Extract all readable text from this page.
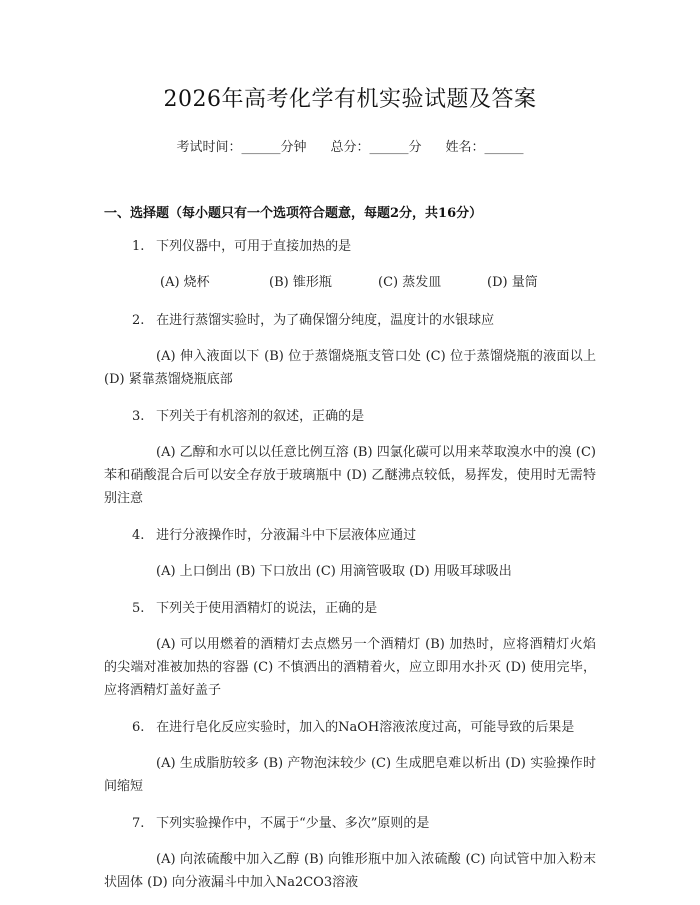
2026年高考化学有机实验试题及答案
考试时间：______分钟 总分：______分 姓名：______
一、选择题（每小题只有一个选项符合题意，每题2分，共16分）
1. 下列仪器中，可用于直接加热的是
(A) 烧杯	(B) 锥形瓶	(C) 蒸发皿	(D) 量筒
2. 在进行蒸馏实验时，为了确保馏分纯度，温度计的水银球应
(A) 伸入液面以下 (B) 位于蒸馏烧瓶支管口处 (C) 位于蒸馏烧瓶的液面以上 (D) 紧靠蒸馏烧瓶底部
3. 下列关于有机溶剂的叙述，正确的是
(A) 乙醇和水可以以任意比例互溶 (B) 四氯化碳可以用来萃取溴水中的溴 (C) 苯和硝酸混合后可以安全存放于玻璃瓶中 (D) 乙醚沸点较低，易挥发，使用时无需特别注意
4. 进行分液操作时，分液漏斗中下层液体应通过
(A) 上口倒出 (B) 下口放出 (C) 用滴管吸取 (D) 用吸耳球吸出
5. 下列关于使用酒精灯的说法，正确的是
(A) 可以用燃着的酒精灯去点燃另一个酒精灯 (B) 加热时，应将酒精灯火焰的尖端对准被加热的容器 (C) 不慎洒出的酒精着火，应立即用水扑灭 (D) 使用完毕，应将酒精灯盖好盖子
6. 在进行皂化反应实验时，加入的NaOH溶液浓度过高，可能导致的后果是
(A) 生成脂肪较多 (B) 产物泡沫较少 (C) 生成肥皂难以析出 (D) 实验操作时间缩短
7. 下列实验操作中，不属于“少量、多次”原则的是
(A) 向浓硫酸中加入乙醇 (B) 向锥形瓶中加入浓硫酸 (C) 向试管中加入粉末状固体 (D) 向分液漏斗中加入Na2CO3溶液
